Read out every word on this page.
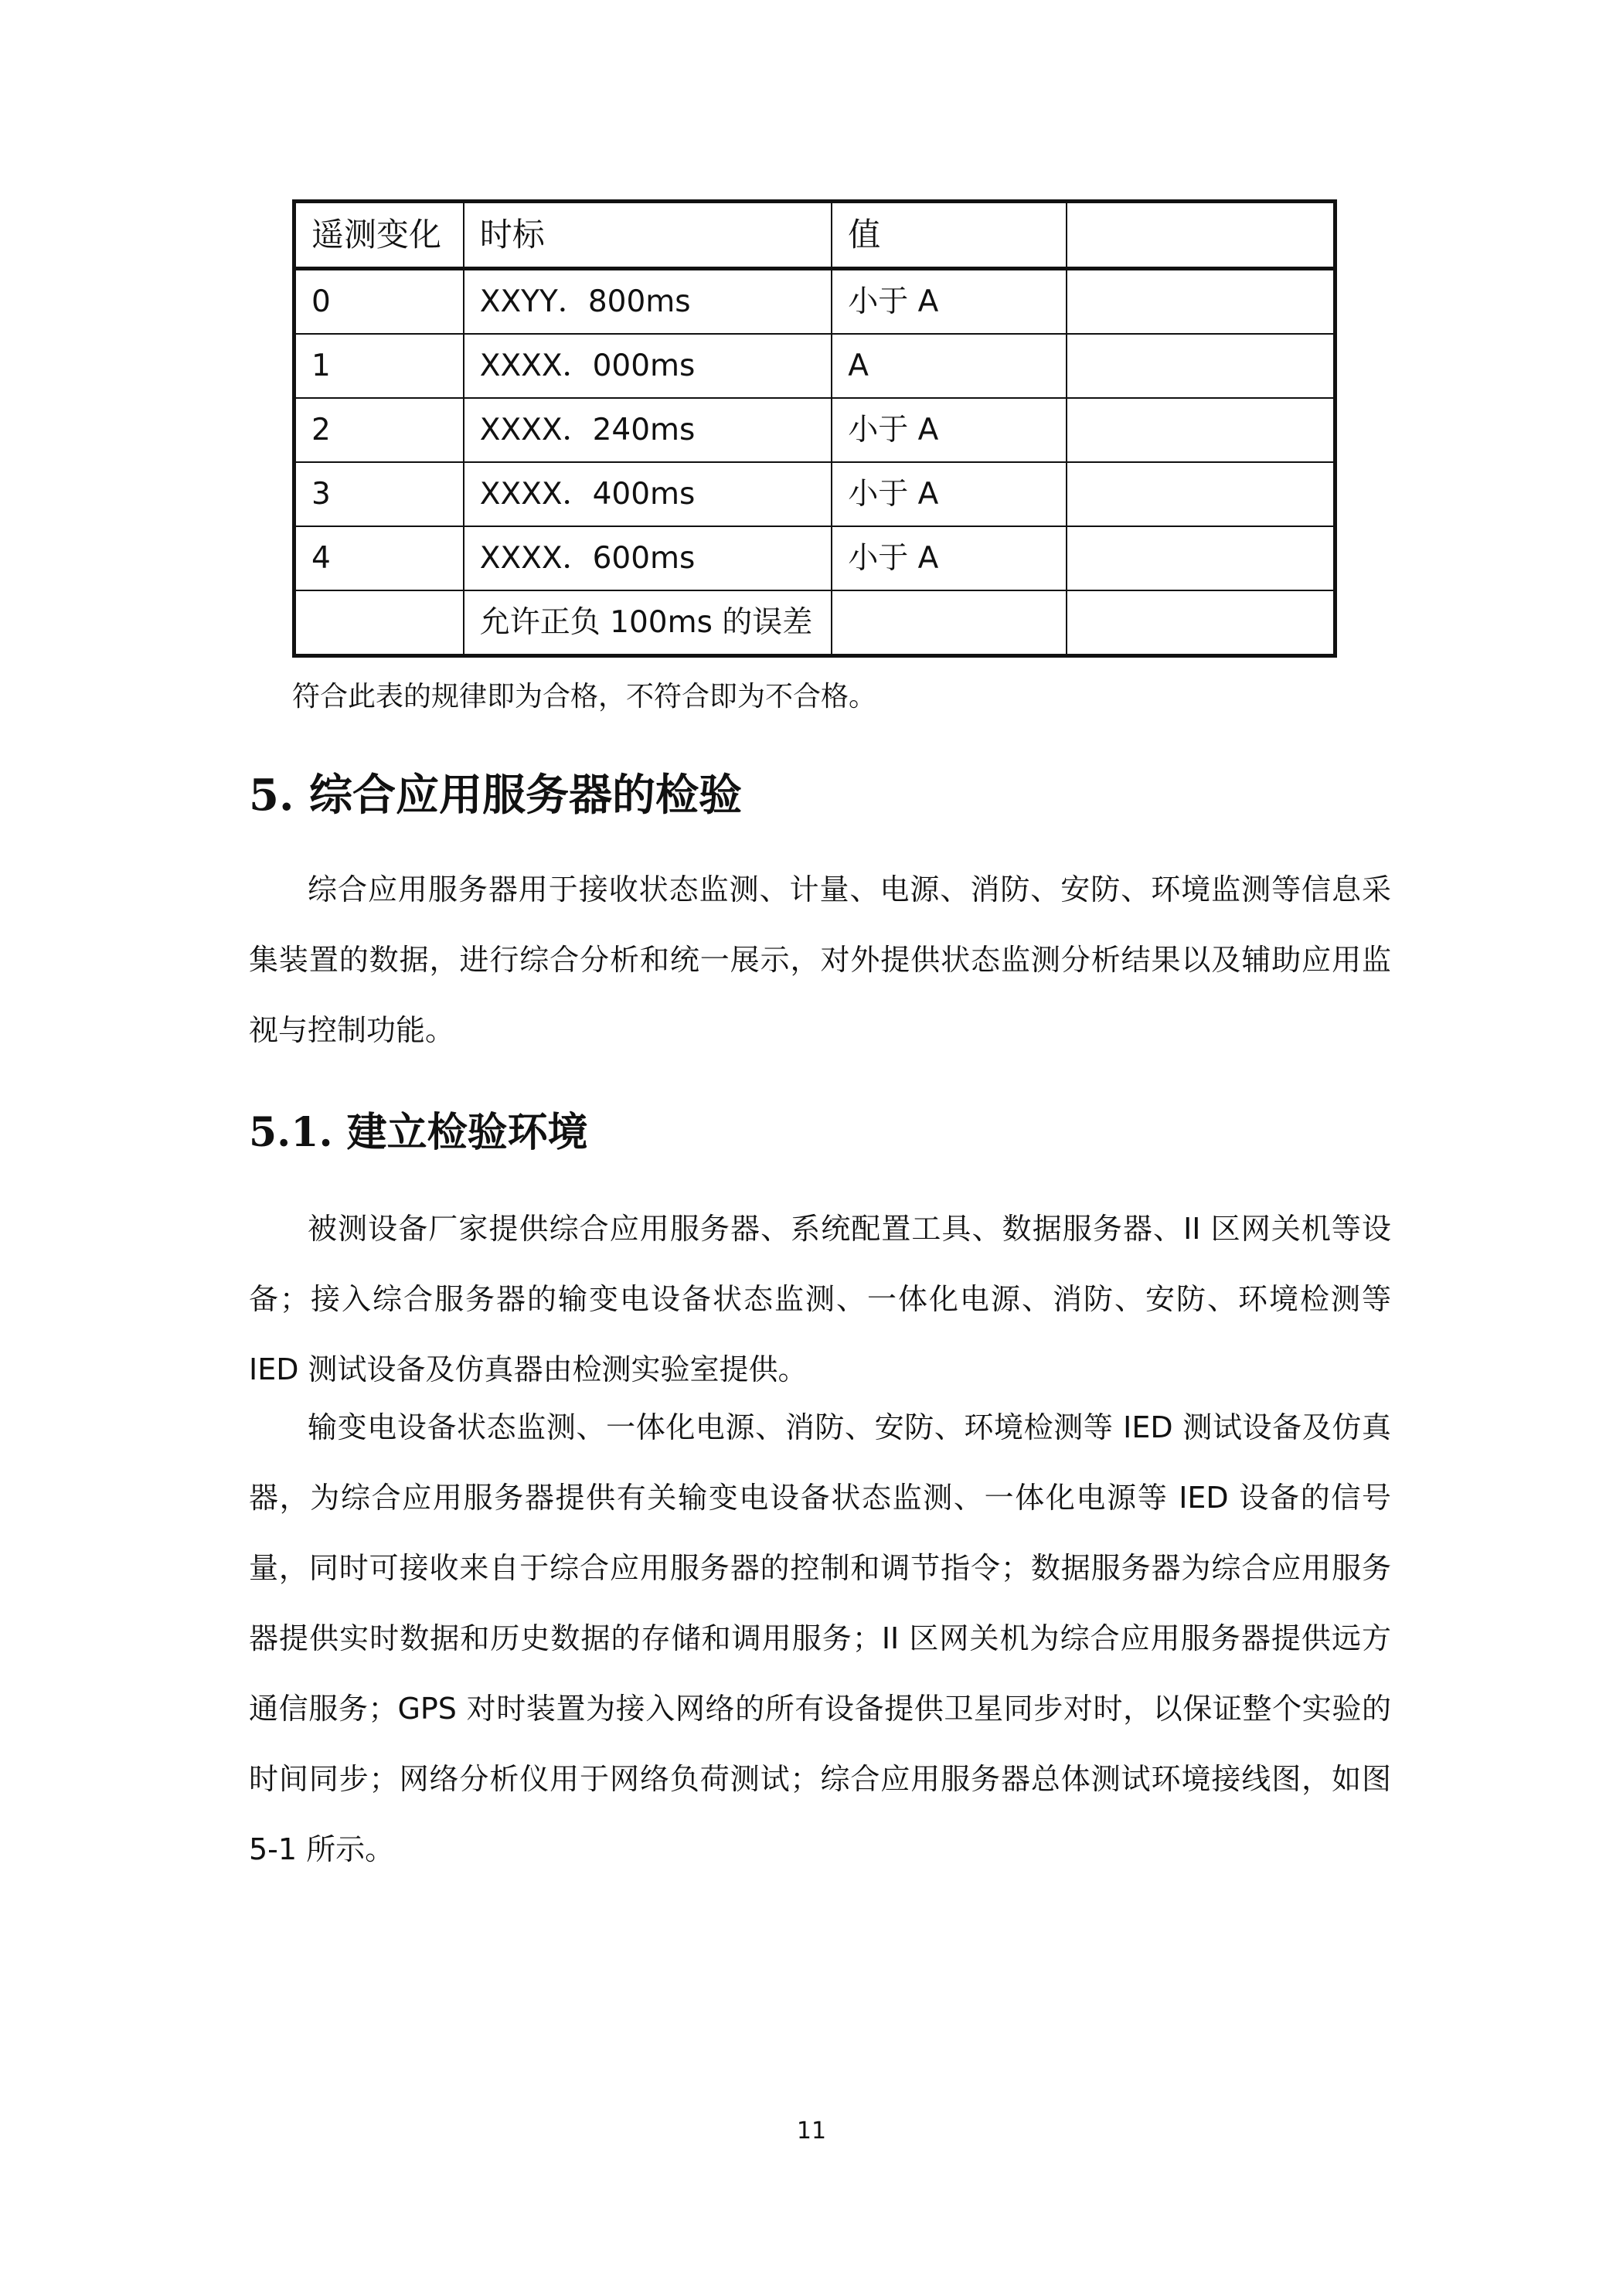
遥测变化	时标	值	
0	XXYY．800ms	小于 A	
1	XXXX．000ms	A	
2	XXXX．240ms	小于 A	
3	XXXX．400ms	小于 A	
4	XXXX．600ms	小于 A	
	允许正负 100ms 的误差		
符合此表的规律即为合格，不符合即为不合格。
5. 综合应用服务器的检验

综合应用服务器用于接收状态监测、计量、电源、消防、安防、环境监测等信息采集装置的数据，进行综合分析和统一展示，对外提供状态监测分析结果以及辅助应用监视与控制功能。

5.1. 建立检验环境

被测设备厂家提供综合应用服务器、系统配置工具、数据服务器、II 区网关机等设备；接入综合服务器的输变电设备状态监测、一体化电源、消防、安防、环境检测等 IED 测试设备及仿真器由检测实验室提供。

输变电设备状态监测、一体化电源、消防、安防、环境检测等 IED 测试设备及仿真器，为综合应用服务器提供有关输变电设备状态监测、一体化电源等 IED 设备的信号量，同时可接收来自于综合应用服务器的控制和调节指令；数据服务器为综合应用服务器提供实时数据和历史数据的存储和调用服务；II 区网关机为综合应用服务器提供远方通信服务；GPS 对时装置为接入网络的所有设备提供卫星同步对时，以保证整个实验的时间同步；网络分析仪用于网络负荷测试；综合应用服务器总体测试环境接线图，如图 5-1 所示。

11
